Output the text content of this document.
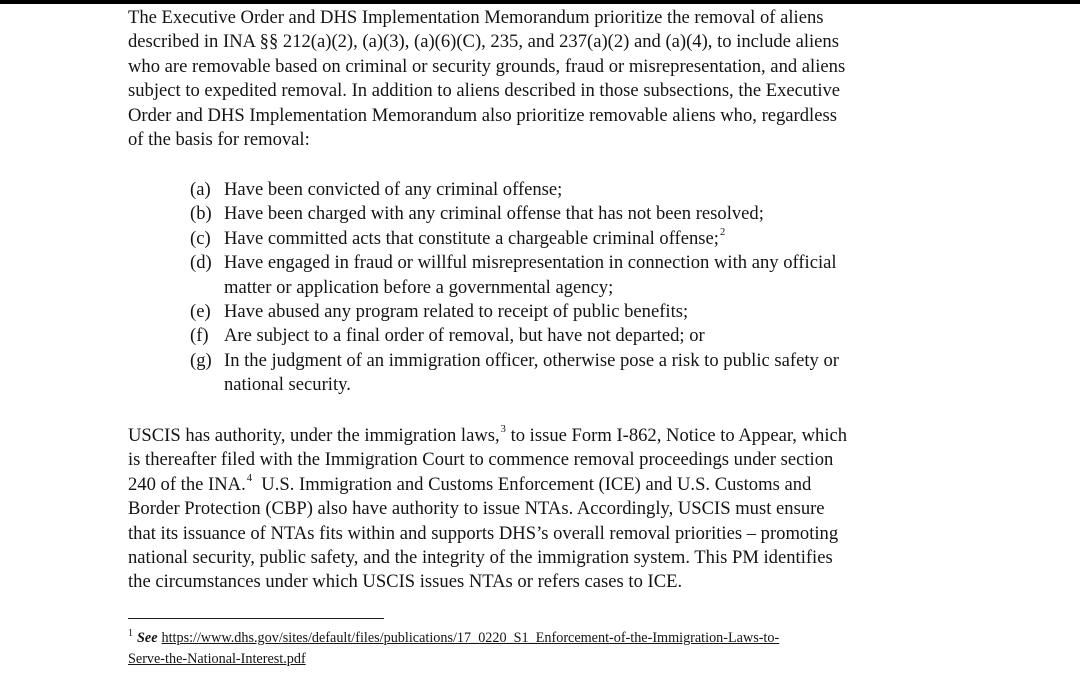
The Executive Order and DHS Implementation Memorandum prioritize the removal of aliens
described in INA §§ 212(a)(2), (a)(3), (a)(6)(C), 235, and 237(a)(2) and (a)(4), to include aliens
who are removable based on criminal or security grounds, fraud or misrepresentation, and aliens
subject to expedited removal. In addition to aliens described in those subsections, the Executive
Order and DHS Implementation Memorandum also prioritize removable aliens who, regardless
of the basis for removal:
(a) Have been convicted of any criminal offense;
(b) Have been charged with any criminal offense that has not been resolved;
(c) Have committed acts that constitute a chargeable criminal offense;$^2$
(d) Have engaged in fraud or willful misrepresentation in connection with any official
matter or application before a governmental agency;
(e) Have abused any program related to receipt of public benefits;
(f) Are subject to a final order of removal, but have not departed; or
(g) In the judgment of an immigration officer, otherwise pose a risk to public safety or
national security.
USCIS has authority, under the immigration laws,$^3$ to issue Form I-862, Notice to Appear, which
is thereafter filed with the Immigration Court to commence removal proceedings under section
240 of the INA.$^4$  U.S. Immigration and Customs Enforcement (ICE) and U.S. Customs and
Border Protection (CBP) also have authority to issue NTAs. Accordingly, USCIS must ensure
that its issuance of NTAs fits within and supports DHS’s overall removal priorities – promoting
national security, public safety, and the integrity of the immigration system. This PM identifies
the circumstances under which USCIS issues NTAs or refers cases to ICE.
$^1$ See https://www.dhs.gov/sites/default/files/publications/17_0220_S1_Enforcement-of-the-Immigration-Laws-to-
Serve-the-National-Interest.pdf
